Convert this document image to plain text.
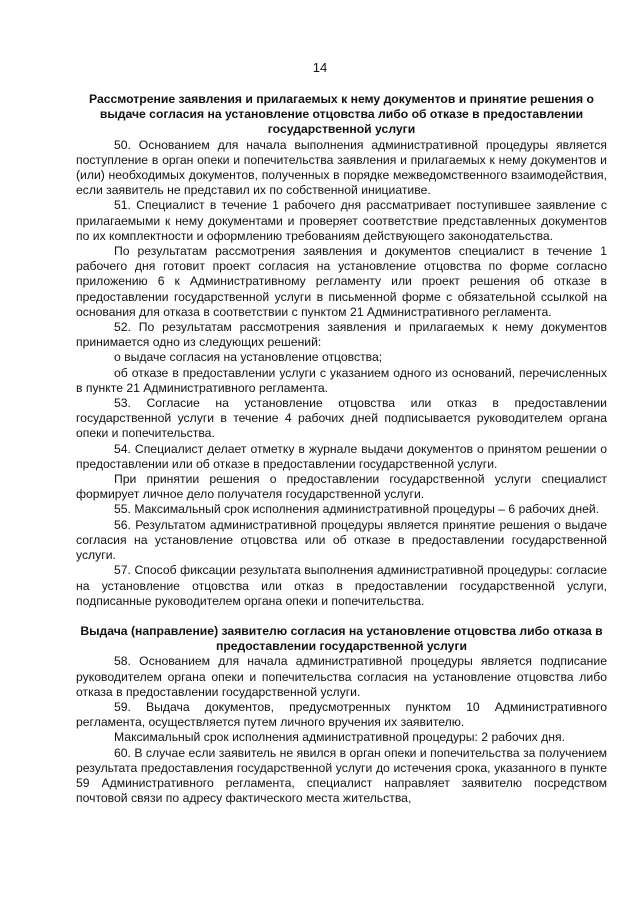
14

Рассмотрение заявления и прилагаемых к нему документов и принятие решения о выдаче согласия на установление отцовства либо об отказе в предоставлении государственной услуги

50. Основанием для начала выполнения административной процедуры является поступление в орган опеки и попечительства заявления и прилагаемых к нему документов и (или) необходимых документов, полученных в порядке межведомственного взаимодействия, если заявитель не представил их по собственной инициативе.

51. Специалист в течение 1 рабочего дня рассматривает поступившее заявление с прилагаемыми к нему документами и проверяет соответствие представленных документов по их комплектности и оформлению требованиям действующего законодательства.

По результатам рассмотрения заявления и документов специалист в течение 1 рабочего дня готовит проект согласия на установление отцовства по форме согласно приложению 6 к Административному регламенту или проект решения об отказе в предоставлении государственной услуги в письменной форме с обязательной ссылкой на основания для отказа в соответствии с пунктом 21 Административного регламента.

52. По результатам рассмотрения заявления и прилагаемых к нему документов принимается одно из следующих решений:

о выдаче согласия на установление отцовства;

об отказе в предоставлении услуги с указанием одного из оснований, перечисленных в пункте 21 Административного регламента.

53. Согласие на установление отцовства или отказ в предоставлении государственной услуги в течение 4 рабочих дней подписывается руководителем органа опеки и попечительства.

54. Специалист делает отметку в журнале выдачи документов о принятом решении о предоставлении или об отказе в предоставлении государственной услуги.

При принятии решения о предоставлении государственной услуги специалист формирует личное дело получателя государственной услуги.

55. Максимальный срок исполнения административной процедуры – 6 рабочих дней.

56. Результатом административной процедуры является принятие решения о выдаче согласия на установление отцовства или об отказе в предоставлении государственной услуги.

57. Способ фиксации результата выполнения административной процедуры: согласие на установление отцовства или отказ в предоставлении государственной услуги, подписанные руководителем органа опеки и попечительства.

Выдача (направление) заявителю согласия на установление отцовства либо отказа в предоставлении государственной услуги

58. Основанием для начала административной процедуры является подписание руководителем органа опеки и попечительства согласия на установление отцовства либо отказа в предоставлении государственной услуги.

59. Выдача документов, предусмотренных пунктом 10 Административного регламента, осуществляется путем личного вручения их заявителю.

Максимальный срок исполнения административной процедуры: 2 рабочих дня.

60. В случае если заявитель не явился в орган опеки и попечительства за получением результата предоставления государственной услуги до истечения срока, указанного в пункте 59 Административного регламента, специалист направляет заявителю посредством почтовой связи по адресу фактического места жительства,
